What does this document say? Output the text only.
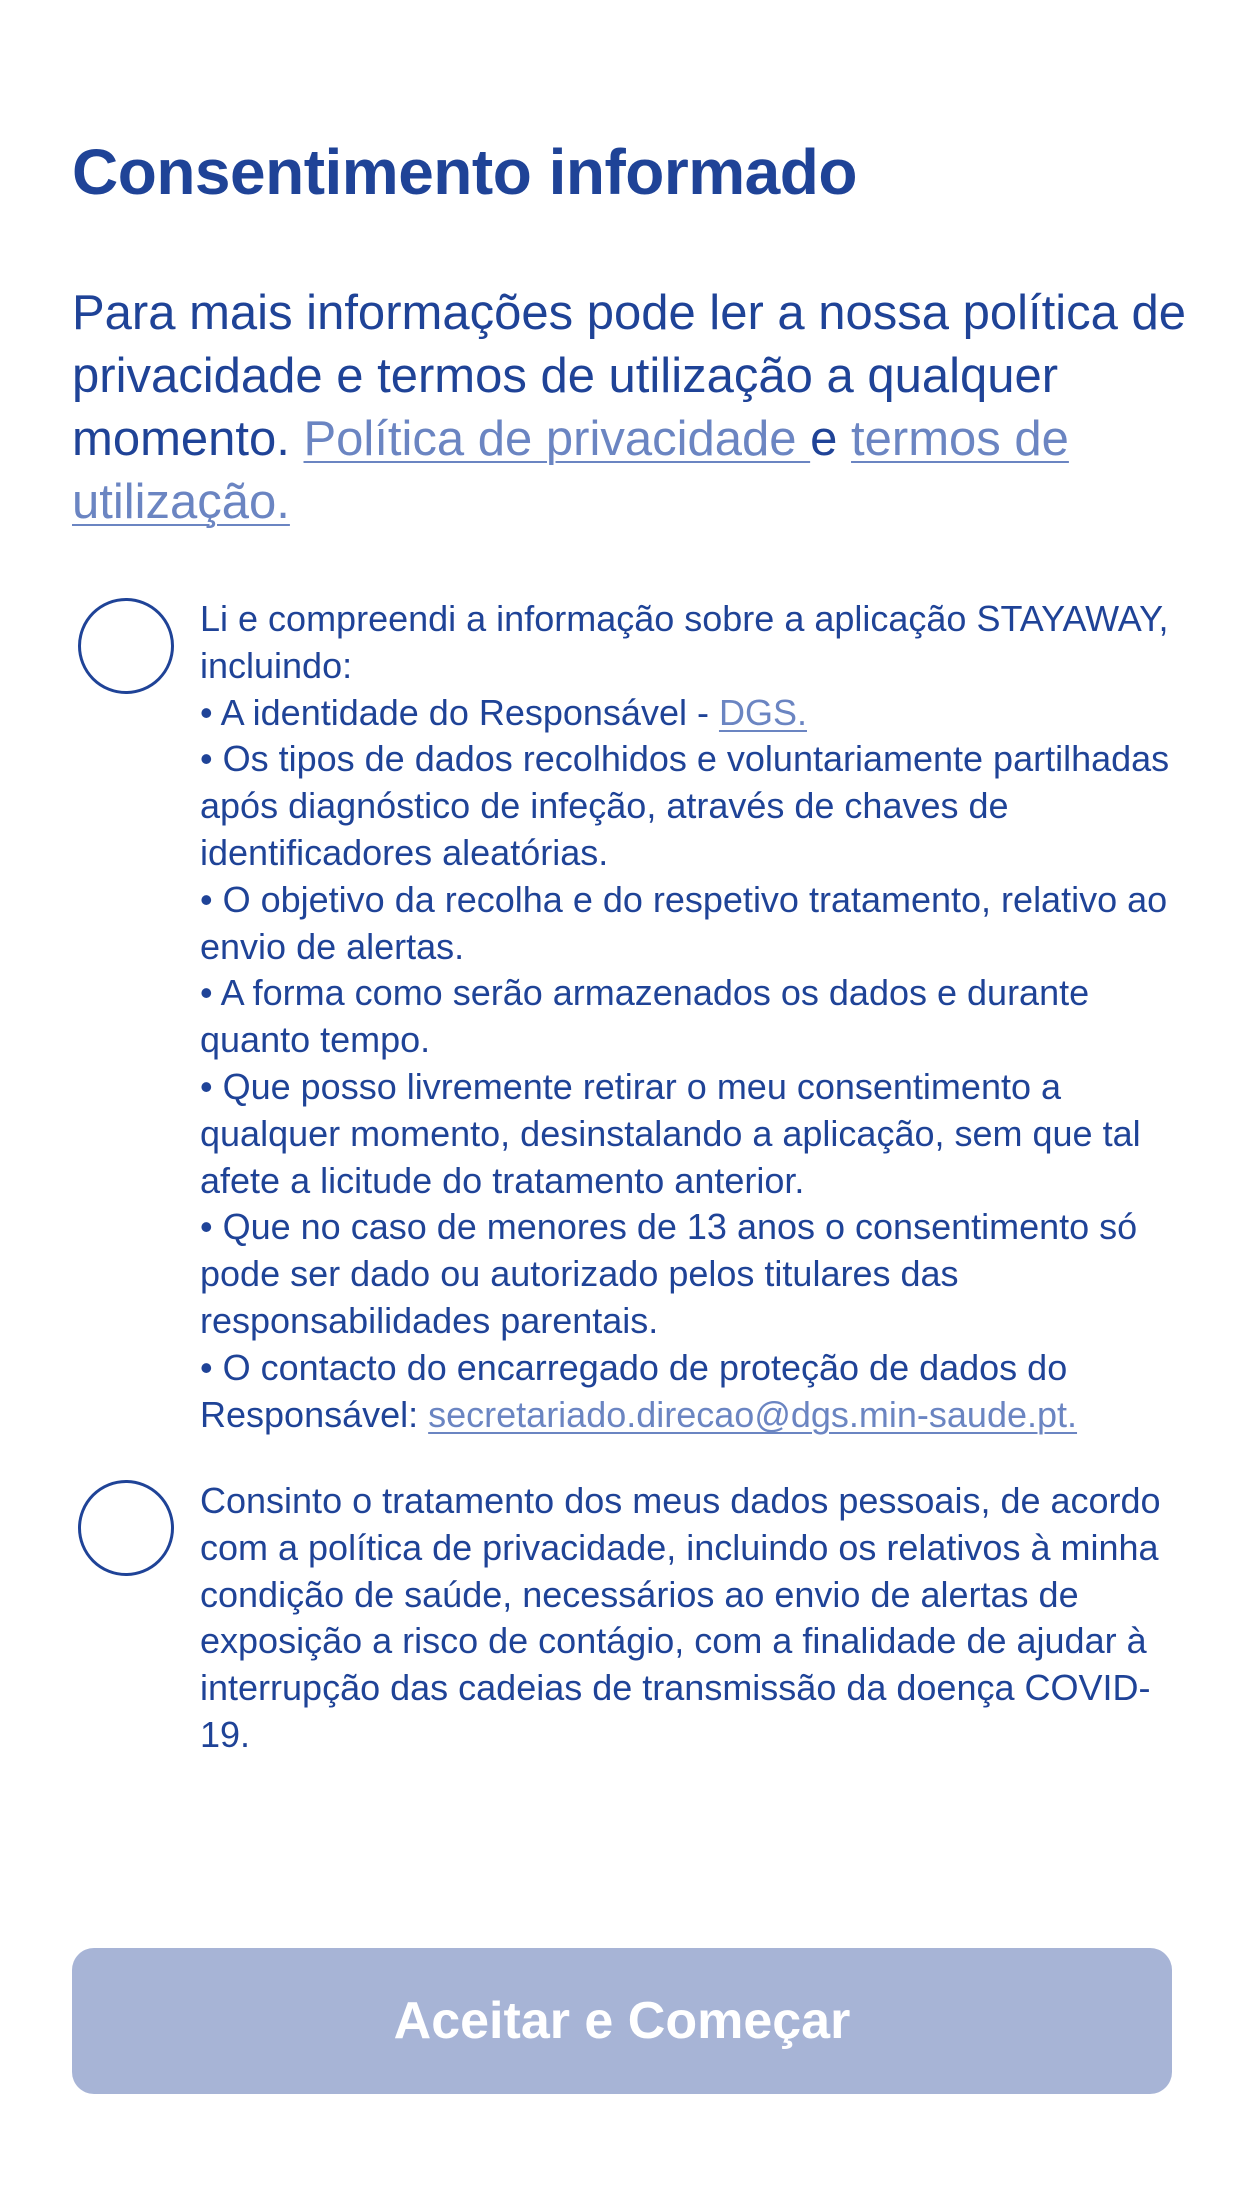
Consentimento informado

Para mais informações pode ler a nossa política de privacidade e termos de utilização a qualquer momento. Política de privacidade e termos de utilização.

Li e compreendi a informação sobre a aplicação STAYAWAY, incluindo:

• A identidade do Responsável - DGS.

• Os tipos de dados recolhidos e voluntariamente partilhadas após diagnóstico de infeção, através de chaves de identificadores aleatórias.

• O objetivo da recolha e do respetivo tratamento, relativo ao envio de alertas.

• A forma como serão armazenados os dados e durante quanto tempo.

• Que posso livremente retirar o meu consentimento a qualquer momento, desinstalando a aplicação, sem que tal afete a licitude do tratamento anterior.

• Que no caso de menores de 13 anos o consentimento só pode ser dado ou autorizado pelos titulares das responsabilidades parentais.

• O contacto do encarregado de proteção de dados do Responsável: secretariado.direcao@dgs.min-saude.pt.

Consinto o tratamento dos meus dados pessoais, de acordo com a política de privacidade, incluindo os relativos à minha condição de saúde, necessários ao envio de alertas de exposição a risco de contágio, com a finalidade de ajudar à interrupção das cadeias de transmissão da doença COVID-19.

Aceitar e Começar
